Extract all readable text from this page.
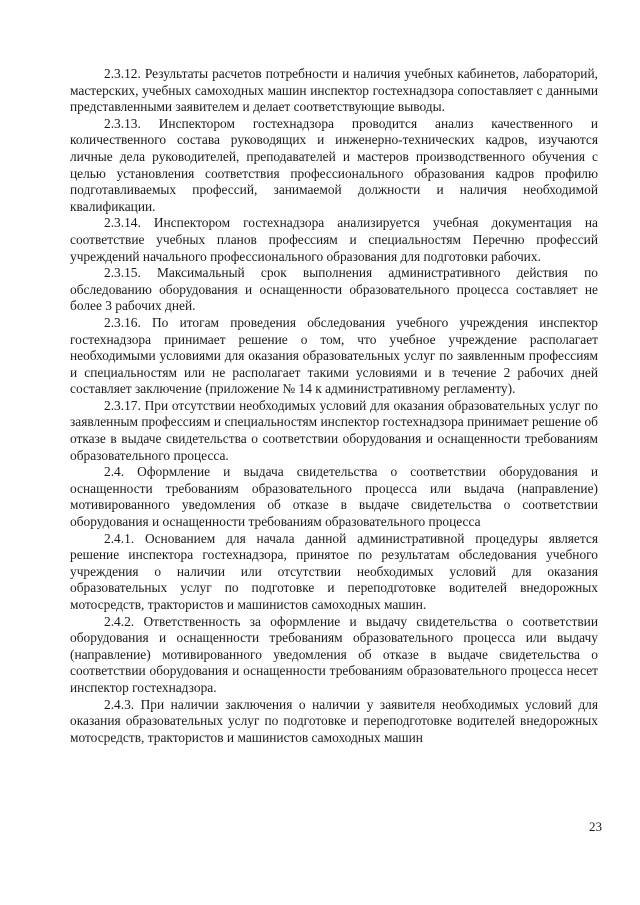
2.3.12. Результаты расчетов потребности и наличия учебных кабинетов, лабораторий, мастерских, учебных самоходных машин инспектор гостехнадзора сопоставляет с данными представленными заявителем и делает соответствующие выводы.

2.3.13. Инспектором гостехнадзора проводится анализ качественного и количественного состава руководящих и инженерно-технических кадров, изучаются личные дела руководителей, преподавателей и мастеров производственного обучения с целью установления соответствия профессионального образования кадров профилю подготавливаемых профессий, занимаемой должности и наличия необходимой квалификации.

2.3.14. Инспектором гостехнадзора анализируется учебная документация на соответствие учебных планов профессиям и специальностям Перечню профессий учреждений начального профессионального образования для подготовки рабочих.

2.3.15. Максимальный срок выполнения административного действия по обследованию оборудования и оснащенности образовательного процесса составляет не более 3 рабочих дней.

2.3.16. По итогам проведения обследования учебного учреждения инспектор гостехнадзора принимает решение о том, что учебное учреждение располагает необходимыми условиями для оказания образовательных услуг по заявленным профессиям и специальностям или не располагает такими условиями и в течение 2 рабочих дней составляет заключение (приложение № 14 к административному регламенту).

2.3.17. При отсутствии необходимых условий для оказания образовательных услуг по заявленным профессиям и специальностям инспектор гостехнадзора принимает решение об отказе в выдаче свидетельства о соответствии оборудования и оснащенности требованиям образовательного процесса.

2.4. Оформление и выдача свидетельства о соответствии оборудования и оснащенности требованиям образовательного процесса или выдача (направление) мотивированного уведомления об отказе в выдаче свидетельства о соответствии оборудования и оснащенности требованиям образовательного процесса

2.4.1. Основанием для начала данной административной процедуры является решение инспектора гостехнадзора, принятое по результатам обследования учебного учреждения о наличии или отсутствии необходимых условий для оказания образовательных услуг по подготовке и переподготовке водителей внедорожных мотосредств, трактористов и машинистов самоходных машин.

2.4.2. Ответственность за оформление и выдачу свидетельства о соответствии оборудования и оснащенности требованиям образовательного процесса или выдачу (направление) мотивированного уведомления об отказе в выдаче свидетельства о соответствии оборудования и оснащенности требованиям образовательного процесса несет инспектор гостехнадзора.

2.4.3. При наличии заключения о наличии у заявителя необходимых условий для оказания образовательных услуг по подготовке и переподготовке водителей внедорожных мотосредств, трактористов и машинистов самоходных машин

23
